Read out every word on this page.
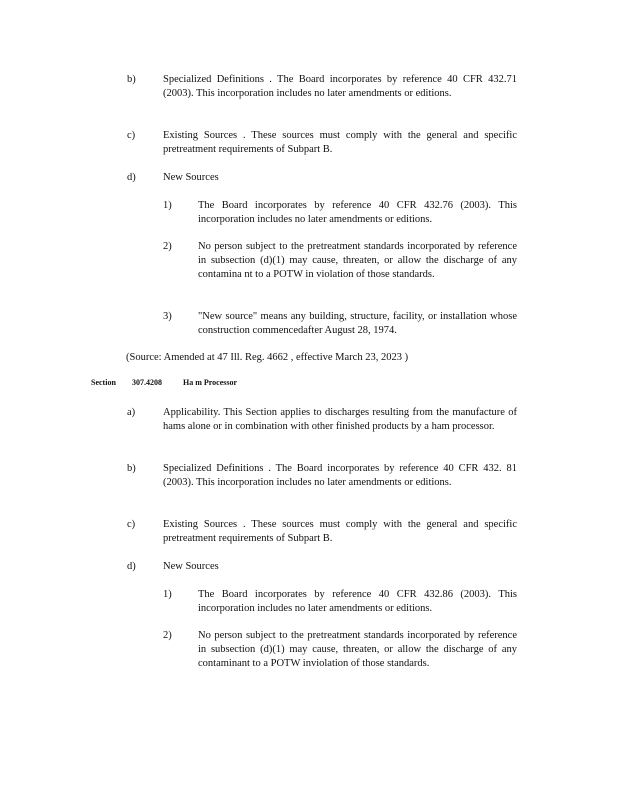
b)	Specialized Definitions . The Board incorporates by reference 40 CFR 432.71 (2003). This incorporation includes no later amendments or editions.
c)	Existing Sources . These sources must comply with the general and specific pretreatment requirements of Subpart B.
d)	New Sources
1)	The Board incorporates by reference 40 CFR 432.76 (2003). This incorporation includes no later amendments or editions.
2)	No person subject to the pretreatment standards incorporated by reference in subsection (d)(1) may cause, threaten, or allow the discharge of any contamina nt to a POTW in violation of those standards.
3)	"New source" means any building, structure, facility, or installation whose construction commencedafter August 28, 1974.
(Source: Amended at 47 Ill. Reg. 4662 , effective March 23, 2023 )
Section 307.4208	Ha m Processor
a)	Applicability. This Section applies to discharges resulting from the manufacture of hams alone or in combination with other finished products by a ham processor.
b)	Specialized Definitions . The Board incorporates by reference 40 CFR 432. 81 (2003). This incorporation includes no later amendments or editions.
c)	Existing Sources . These sources must comply with the general and specific pretreatment requirements of Subpart B.
d)	New Sources
1)	The Board incorporates by reference 40 CFR 432.86 (2003). This incorporation includes no later amendments or editions.
2)	No person subject to the pretreatment standards incorporated by reference in subsection (d)(1) may cause, threaten, or allow the discharge of any contaminant to a POTW inviolation of those standards.
